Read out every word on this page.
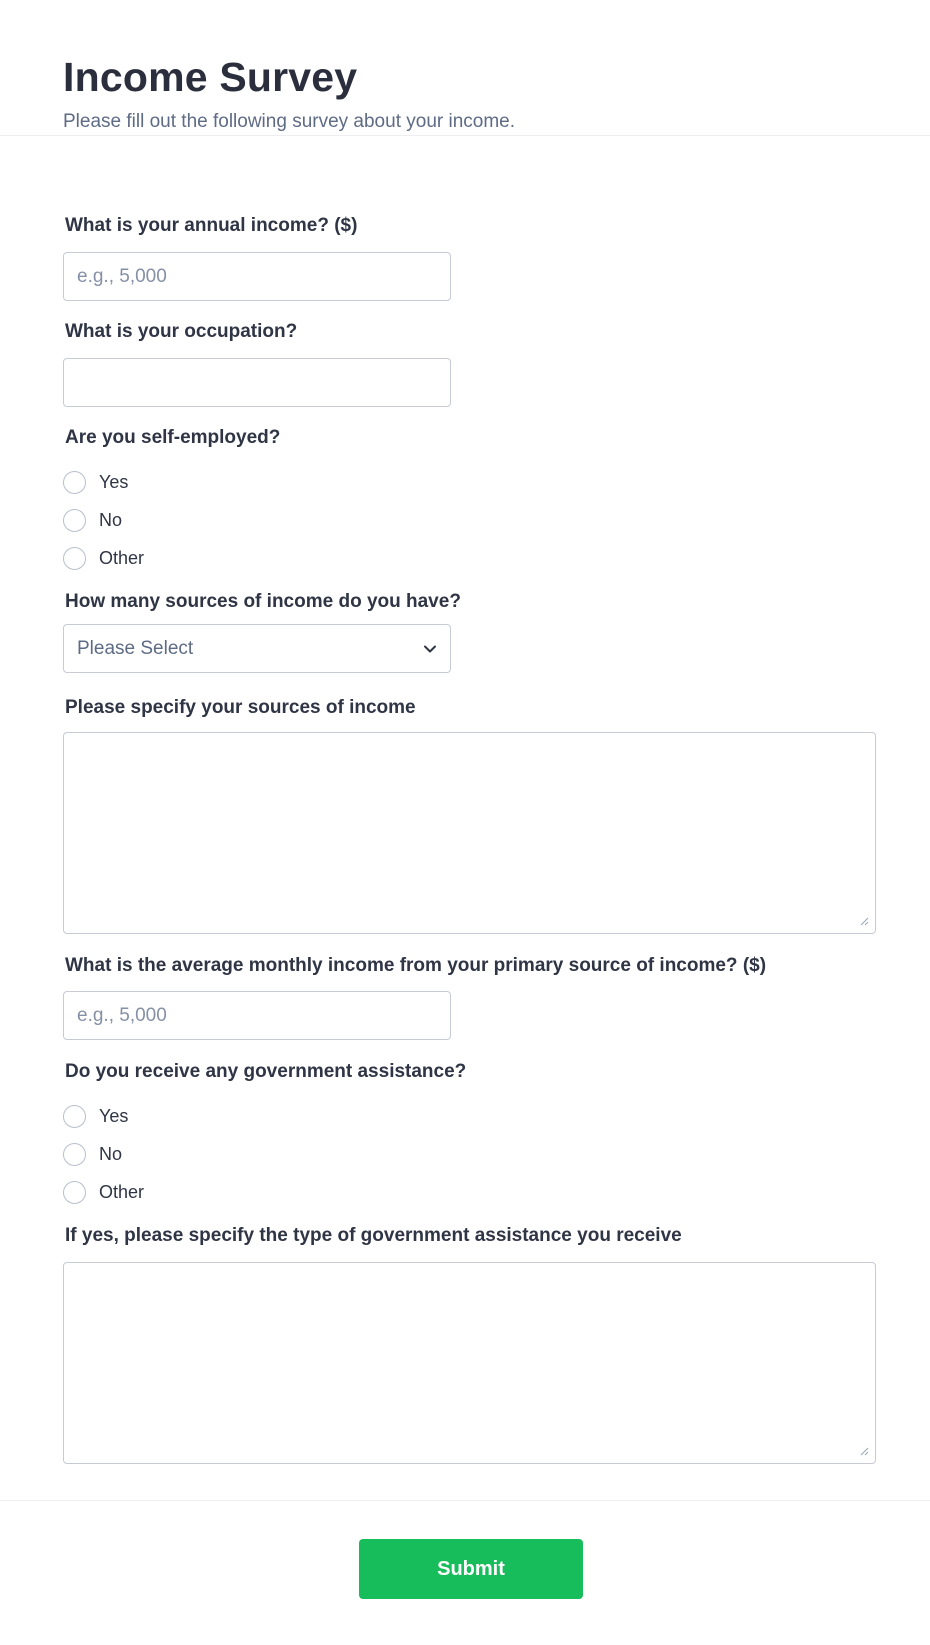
Income Survey
Please fill out the following survey about your income.
What is your annual income? ($)
e.g., 5,000
What is your occupation?
Are you self-employed?
Yes
No
Other
How many sources of income do you have?
Please Select
Please specify your sources of income
What is the average monthly income from your primary source of income? ($)
e.g., 5,000
Do you receive any government assistance?
Yes
No
Other
If yes, please specify the type of government assistance you receive
Submit
